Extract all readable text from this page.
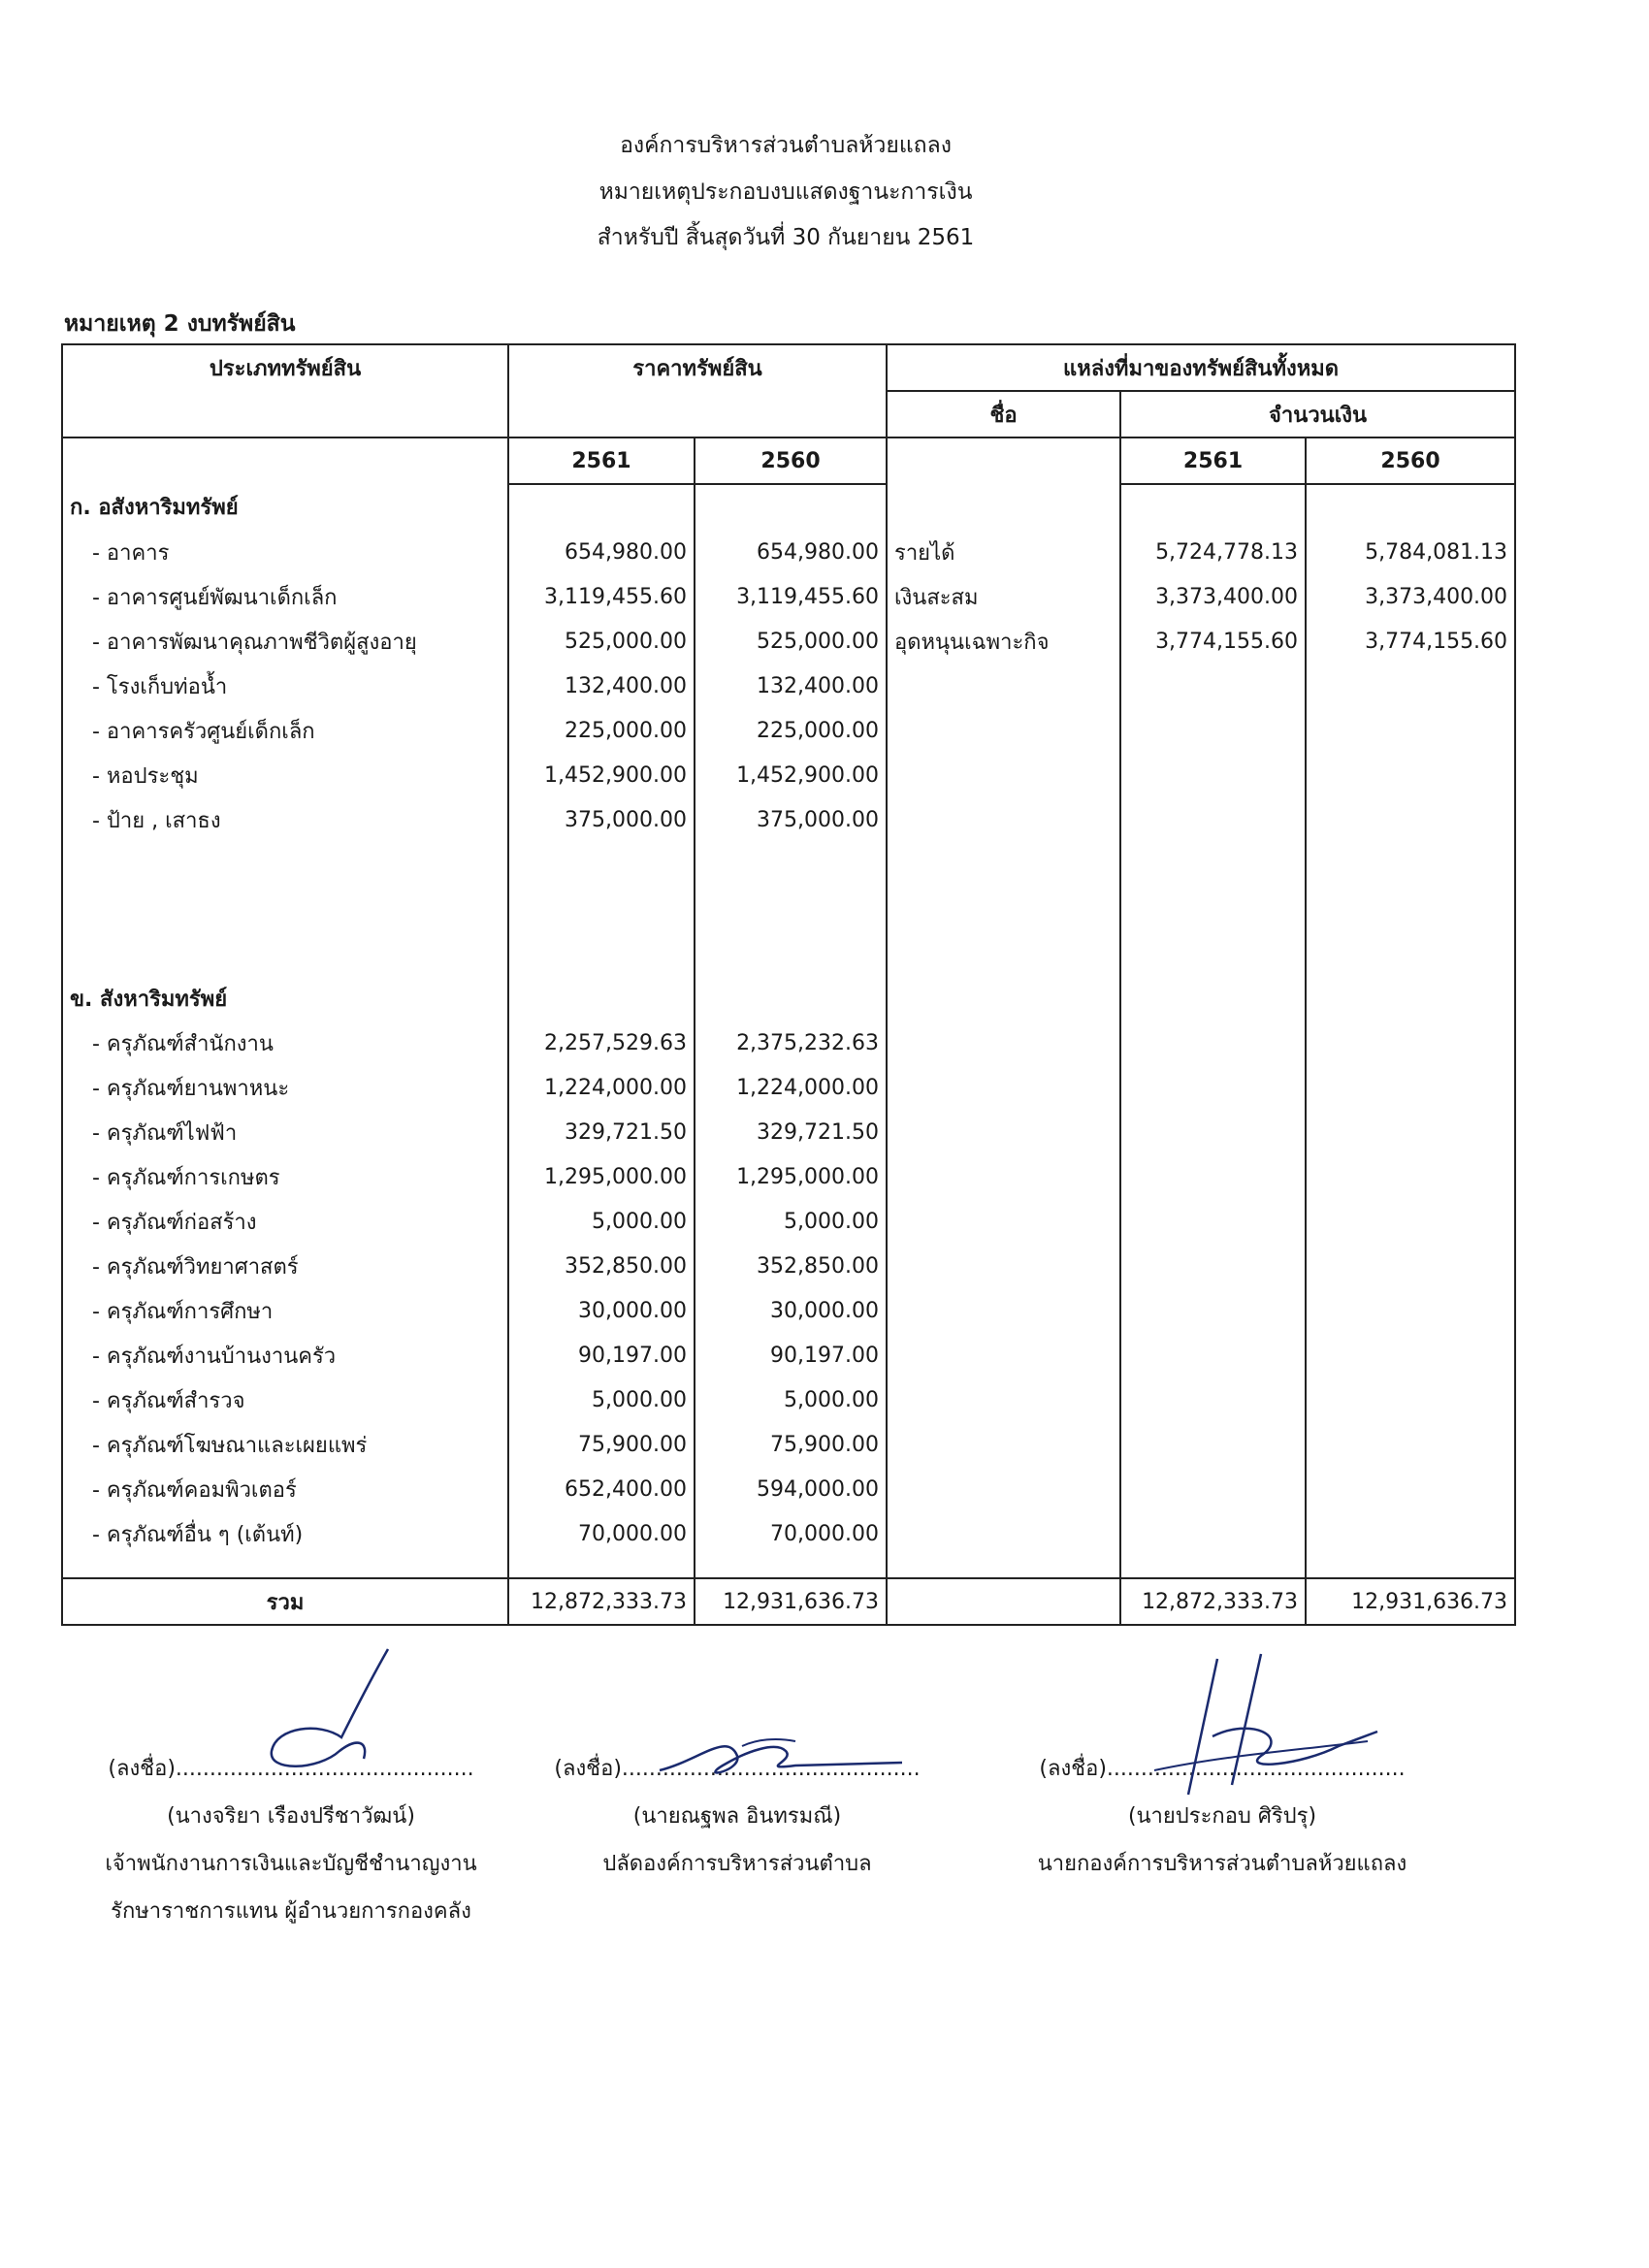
องค์การบริหารส่วนตำบลห้วยแถลง
หมายเหตุประกอบงบแสดงฐานะการเงิน
สำหรับปี สิ้นสุดวันที่ 30 กันยายน 2561
หมายเหตุ 2 งบทรัพย์สิน
ประเภททรัพย์สิน	ราคาทรัพย์สิน		แหล่งที่มาของทรัพย์สินทั้งหมด		
			ชื่อ	จำนวนเงิน	
	2561	2560		2561	2560
ก. อสังหาริมทรัพย์					
- อาคาร	654,980.00	654,980.00	รายได้	5,724,778.13	5,784,081.13
- อาคารศูนย์พัฒนาเด็กเล็ก	3,119,455.60	3,119,455.60	เงินสะสม	3,373,400.00	3,373,400.00
- อาคารพัฒนาคุณภาพชีวิตผู้สูงอายุ	525,000.00	525,000.00	อุดหนุนเฉพาะกิจ	3,774,155.60	3,774,155.60
- โรงเก็บท่อน้ำ	132,400.00	132,400.00			
- อาคารครัวศูนย์เด็กเล็ก	225,000.00	225,000.00			
- หอประชุม	1,452,900.00	1,452,900.00			
- ป้าย , เสาธง	375,000.00	375,000.00			

ข. สังหาริมทรัพย์					
- ครุภัณฑ์สำนักงาน	2,257,529.63	2,375,232.63			
- ครุภัณฑ์ยานพาหนะ	1,224,000.00	1,224,000.00			
- ครุภัณฑ์ไฟฟ้า	329,721.50	329,721.50			
- ครุภัณฑ์การเกษตร	1,295,000.00	1,295,000.00			
- ครุภัณฑ์ก่อสร้าง	5,000.00	5,000.00			
- ครุภัณฑ์วิทยาศาสตร์	352,850.00	352,850.00			
- ครุภัณฑ์การศึกษา	30,000.00	30,000.00			
- ครุภัณฑ์งานบ้านงานครัว	90,197.00	90,197.00			
- ครุภัณฑ์สำรวจ	5,000.00	5,000.00			
- ครุภัณฑ์โฆษณาและเผยแพร่	75,900.00	75,900.00			
- ครุภัณฑ์คอมพิวเตอร์	652,400.00	594,000.00			
- ครุภัณฑ์อื่น ๆ (เต้นท์)	70,000.00	70,000.00			

รวม	12,872,333.73	12,931,636.73		12,872,333.73	12,931,636.73
(ลงชื่อ)............................................
(นางจริยา เรืองปรีชาวัฒน์)
เจ้าพนักงานการเงินและบัญชีชำนาญงาน
รักษาราชการแทน ผู้อำนวยการกองคลัง
(ลงชื่อ)............................................
(นายณฐพล อินทรมณี)
ปลัดองค์การบริหารส่วนตำบล
(ลงชื่อ)............................................
(นายประกอบ ศิริปรุ)
นายกองค์การบริหารส่วนตำบลห้วยแถลง
